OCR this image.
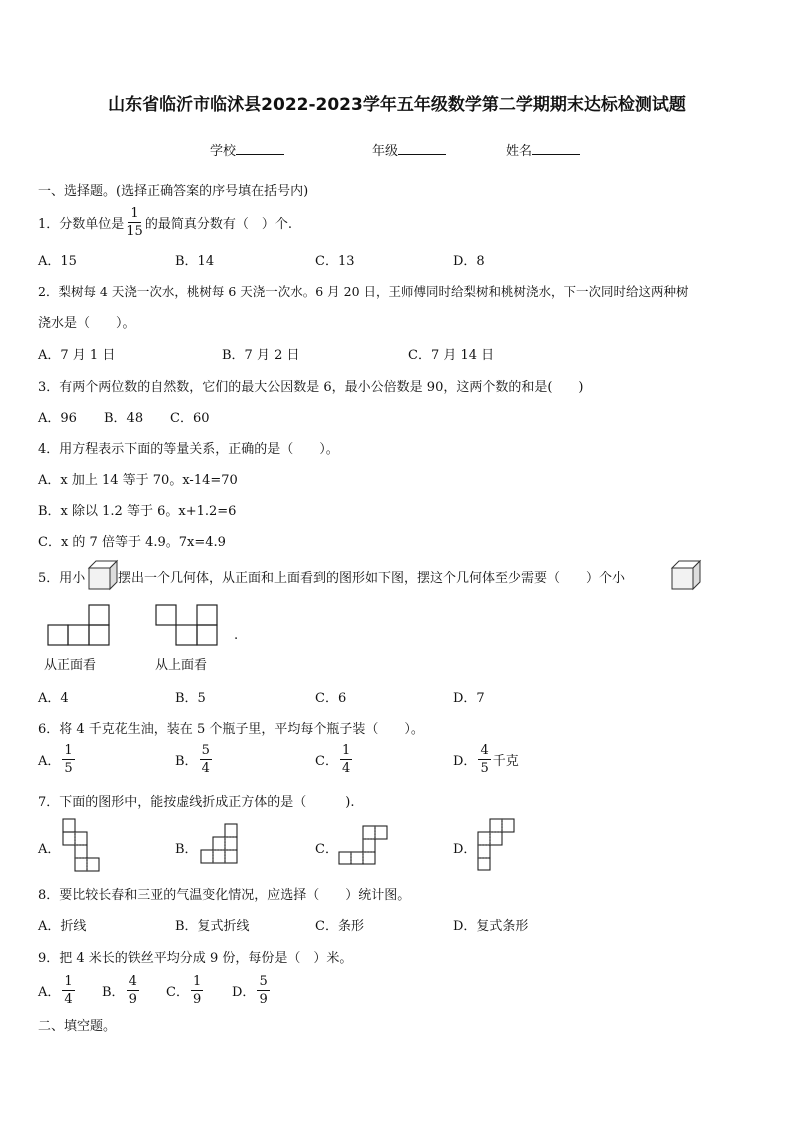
山东省临沂市临沭县2022-2023学年五年级数学第二学期期末达标检测试题
学校	年级	姓名
一、选择题。(选择正确答案的序号填在括号内)
1．分数单位是 $\frac{1}{15}$ 的最简真分数有（　）个.
A．15	B．14	C．13	D．8
2．梨树每 4 天浇一次水，桃树每 6 天浇一次水。6 月 20 日，王师傅同时给梨树和桃树浇水，下一次同时给这两种树
浇水是（　　）。
A．7 月 1 日	B．7 月 2 日	C．7 月 14 日
3．有两个两位数的自然数，它们的最大公因数是 6，最小公倍数是 90，这两个数的和是(　　)
A．96 B．48 C．60
4．用方程表示下面的等量关系，正确的是（　　）。
A．x 加上 14 等于 70。x-14=70
B．x 除以 1.2 等于 6。x+1.2=6
C．x 的 7 倍等于 4.9。7x=4.9
5．用小	摆出一个几何体，从正面和上面看到的图形如下图，摆这个几何体至少需要（　　）个小
从正面看	从上面看
.
A．4	B．5	C．6	D．7
6．将 4 千克花生油，装在 5 个瓶子里，平均每个瓶子装（　　）。
A． $\frac{1}{5}$	B． $\frac{5}{4}$	C． $\frac{1}{4}$	D． $\frac{4}{5}$ 千克
7．下面的图形中，能按虚线折成正方体的是（　　　).
A．	B．	C．	D．
8．要比较长春和三亚的气温变化情况，应选择（　　）统计图。
A．折线	B．复式折线	C．条形	D．复式条形
9．把 4 米长的铁丝平均分成 9 份，每份是（　）米。
A． $\frac{1}{4}$ B． $\frac{4}{9}$ C． $\frac{1}{9}$ D． $\frac{5}{9}$
二、填空题。
